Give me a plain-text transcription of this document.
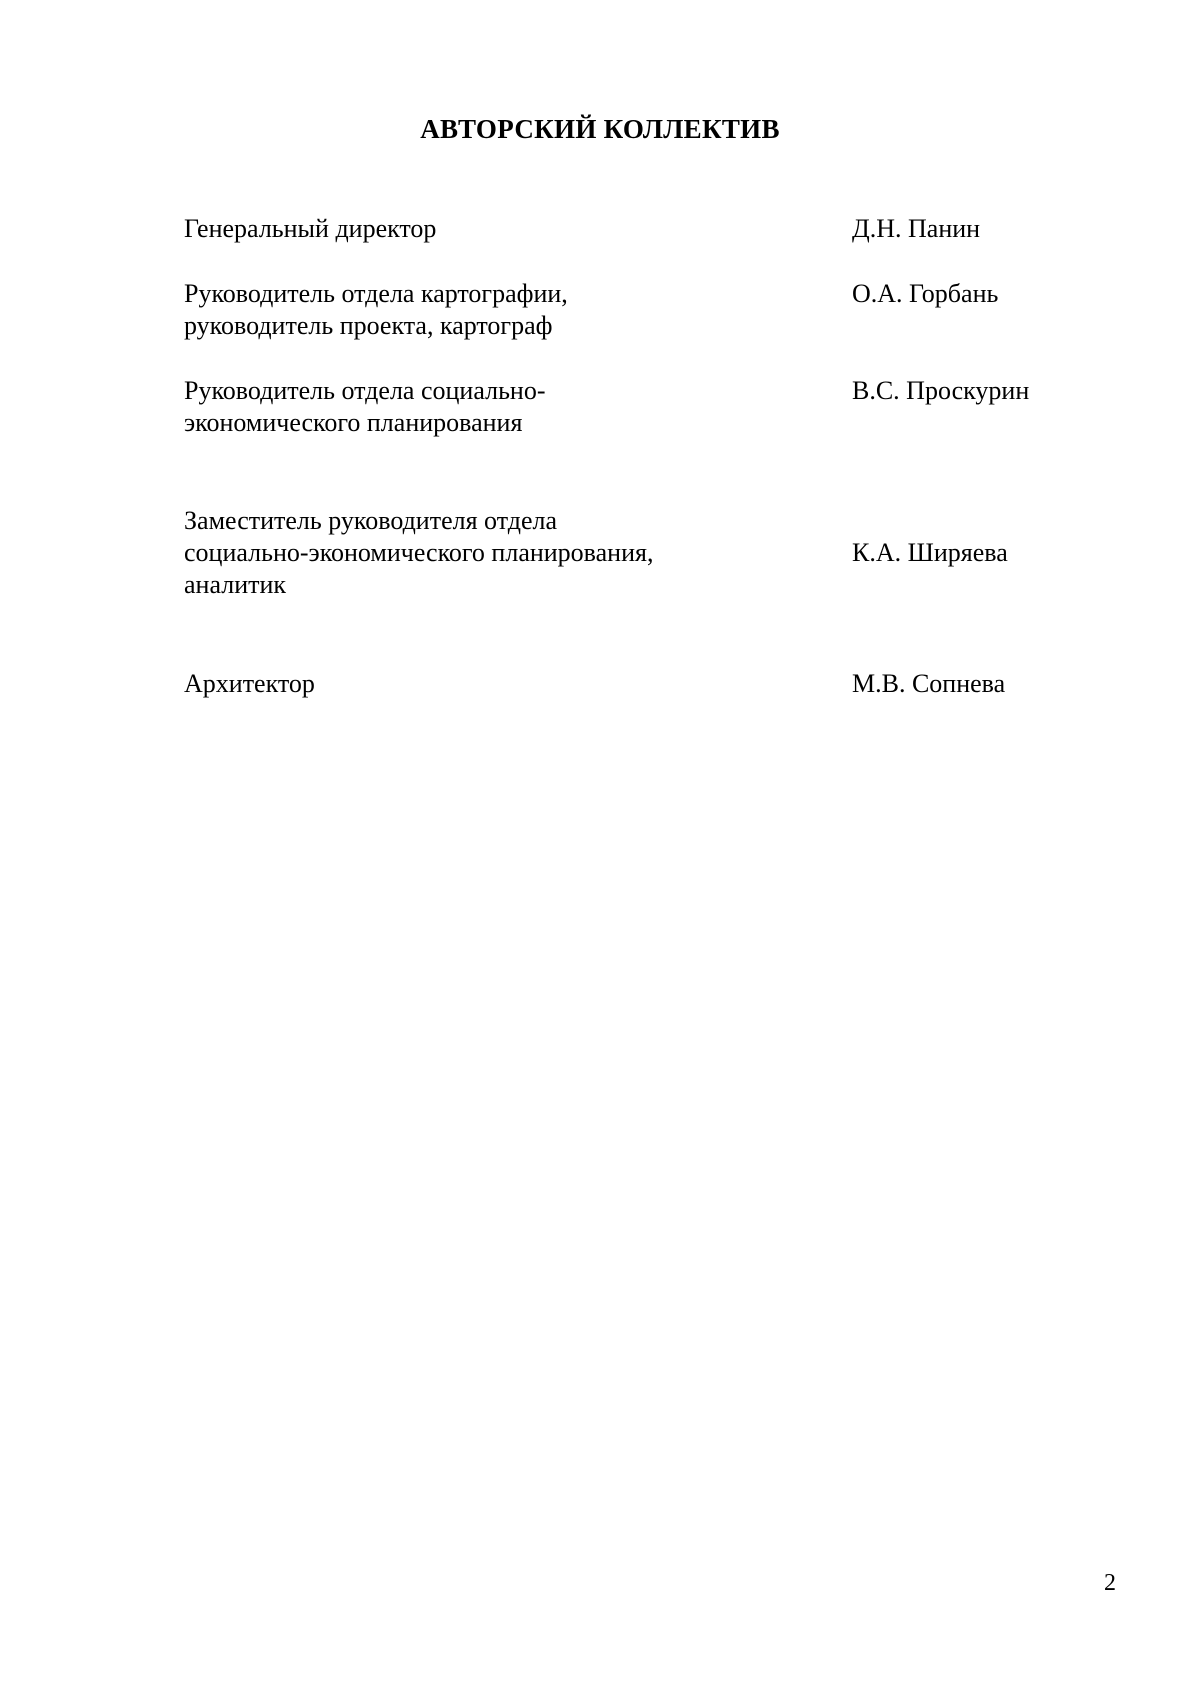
АВТОРСКИЙ КОЛЛЕКТИВ
Генеральный директор	Д.Н. Панин
Руководитель отдела картографии,
руководитель проекта, картограф
О.А. Горбань
Руководитель отдела социально-
экономического планирования
В.С. Проскурин
Заместитель руководителя отдела
социально-экономического планирования,
аналитик
К.А. Ширяева
Архитектор	М.В. Сопнева
2
